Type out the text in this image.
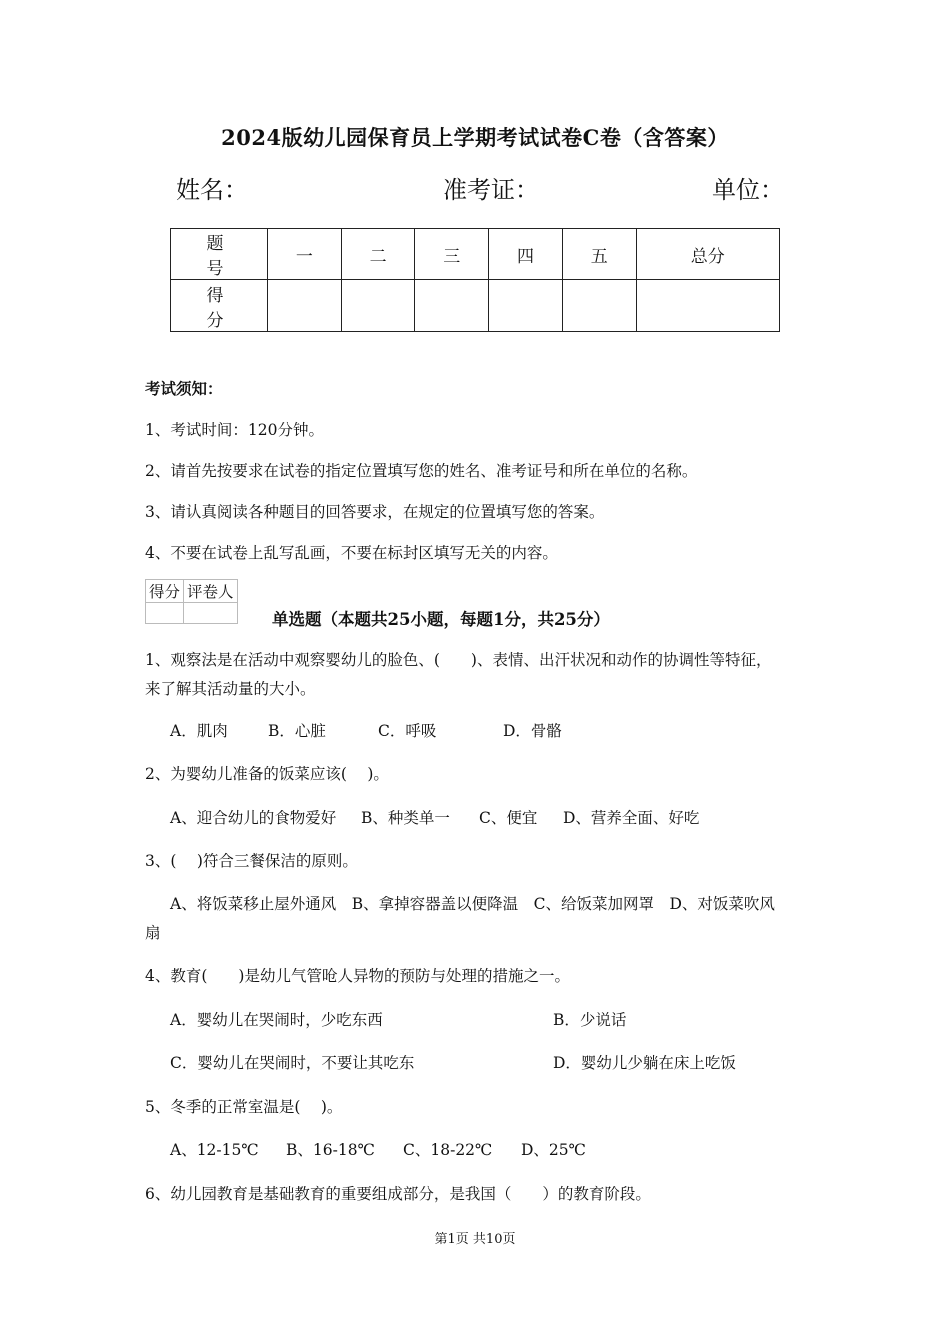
2024版幼儿园保育员上学期考试试卷C卷（含答案）
姓名：	准考证：	单位：
题 号	一	二	三	四	五	总分
得 分						
考试须知：
1、考试时间：120分钟。
2、请首先按要求在试卷的指定位置填写您的姓名、准考证号和所在单位的名称。
3、请认真阅读各种题目的回答要求，在规定的位置填写您的答案。
4、不要在试卷上乱写乱画，不要在标封区填写无关的内容。
得分	评卷人

单选题（本题共25小题，每题1分，共25分）
1、观察法是在活动中观察婴幼儿的脸色、(　　)、表情、出汗状况和动作的协调性等特征，
来了解其活动量的大小。
A．肌肉	B．心脏	C．呼吸	D．骨骼
2、为婴幼儿准备的饭菜应该(　 )。
A、迎合幼儿的食物爱好 B、种类单一 C、便宜 D、营养全面、好吃
3、(　 )符合三餐保洁的原则。
A、将饭菜移止屋外通风　B、拿掉容器盖以便降温　C、给饭菜加网罩　D、对饭菜吹风
扇
4、教育(　　)是幼儿气管呛人异物的预防与处理的措施之一。
A．婴幼儿在哭闹时，少吃东西	B．少说话
C．婴幼儿在哭闹时，不要让其吃东	D．婴幼儿少躺在床上吃饭
5、冬季的正常室温是(　 )。
A、12-15℃ B、16-18℃ C、18-22℃ D、25℃
6、幼儿园教育是基础教育的重要组成部分，是我国（　　）的教育阶段。
第1页 共10页
